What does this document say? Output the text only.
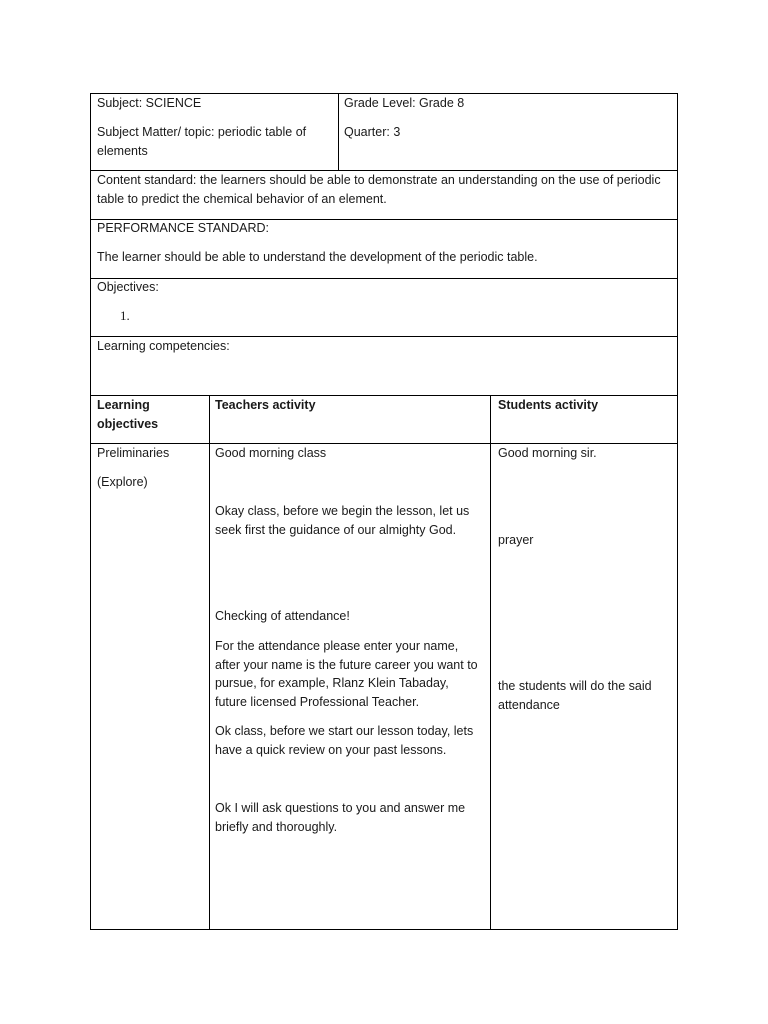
Subject: SCIENCE
Subject Matter/ topic: periodic table of elements
Grade Level: Grade 8
Quarter: 3
Content standard: the learners should be able to demonstrate an understanding on the use of periodic table to predict the chemical behavior of an element.
PERFORMANCE STANDARD:
The learner should be able to understand the development of the periodic table.
Objectives:
1.
Learning competencies:
Learning objectives
Teachers activity	Students activity
Preliminaries
(Explore)
Good morning class
Okay class, before we begin the lesson, let us seek first the guidance of our almighty God.
Checking of attendance!
For the attendance please enter your name, after your name is the future career you want to pursue, for example, Rlanz Klein Tabaday, future licensed Professional Teacher.
Ok class, before we start our lesson today, lets have a quick review on your past lessons.
Ok I will ask questions to you and answer me briefly and thoroughly.
Good morning sir.
prayer
the students will do the said attendance
